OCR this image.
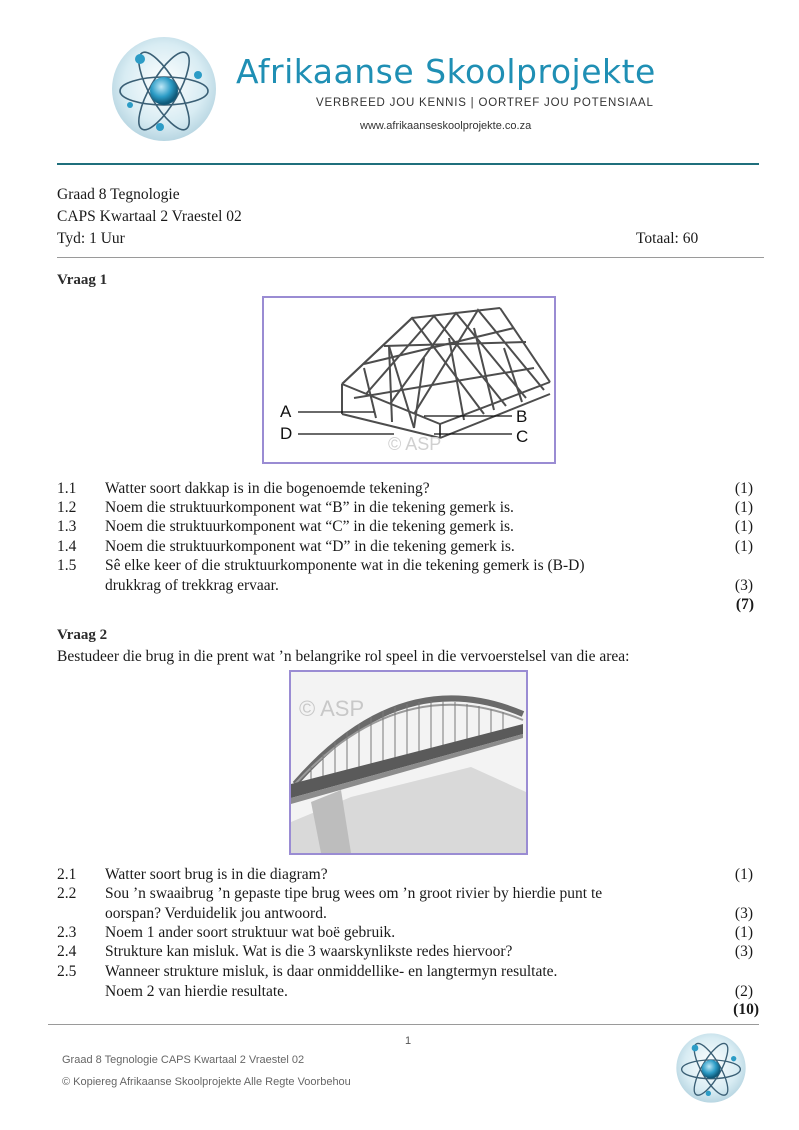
Afrikaanse Skoolprojekte
VERBREED JOU KENNIS | OORTREF JOU POTENSIAAL
www.afrikaanseskoolprojekte.co.za
Graad 8 Tegnologie
CAPS Kwartaal 2 Vraestel 02
Tyd: 1 Uur	Totaal: 60
Vraag 1
A	B
C
D
© ASP
1.1 Watter soort dakkap is in die bogenoemde tekening?	(1)
1.2 Noem die struktuurkomponent wat “B” in die tekening gemerk is.	(1)
1.3 Noem die struktuurkomponent wat “C” in die tekening gemerk is.	(1)
1.4 Noem die struktuurkomponent wat “D” in die tekening gemerk is.	(1)
1.5 Sê elke keer of die struktuurkomponente wat in die tekening gemerk is (B-D)
drukkrag of trekkrag ervaar.	(3)
(7)
Vraag 2
Bestudeer die brug in die prent wat ’n belangrike rol speel in die vervoerstelsel van die area:
© ASP
2.1 Watter soort brug is in die diagram?	(1)
2.2 Sou ’n swaaibrug ’n gepaste tipe brug wees om ’n groot rivier by hierdie punt te
oorspan? Verduidelik jou antwoord.	(3)
2.3 Noem 1 ander soort struktuur wat boë gebruik.	(1)
2.4 Strukture kan misluk. Wat is die 3 waarskynlikste redes hiervoor?	(3)
2.5 Wanneer strukture misluk, is daar onmiddellike- en langtermyn resultate.
Noem 2 van hierdie resultate.	(2)
(10)
1
Graad 8 Tegnologie CAPS Kwartaal 2 Vraestel 02
© Kopiereg Afrikaanse Skoolprojekte Alle Regte Voorbehou
